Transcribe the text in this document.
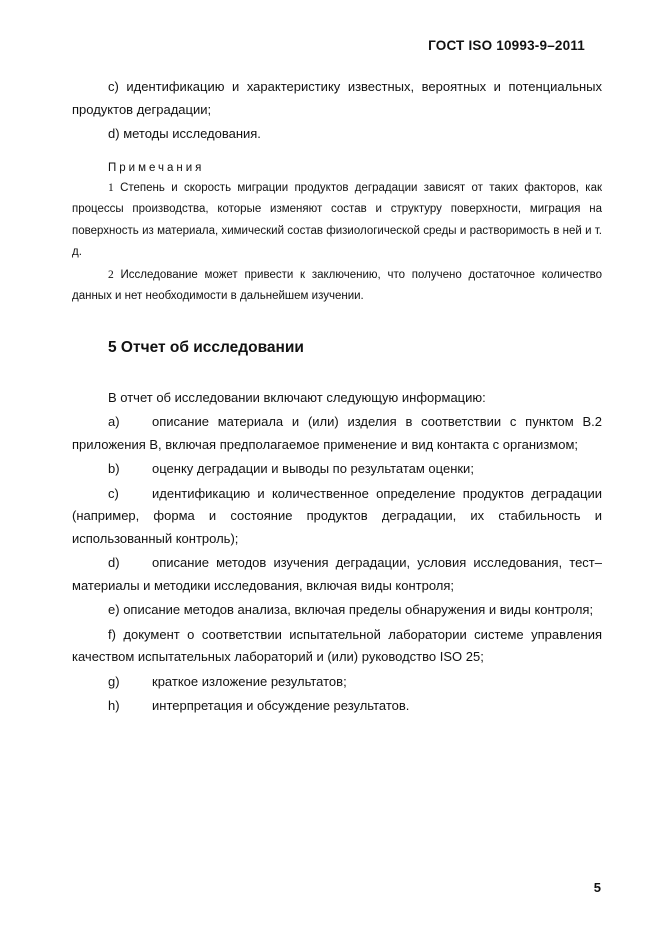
ГОСТ ISO 10993-9–2011

c) идентификацию и характеристику известных, вероятных и потенциальных продуктов деградации;

d) методы исследования.

Примечания

1 Степень и скорость миграции продуктов деградации зависят от таких факторов, как процессы производства, которые изменяют состав и структуру поверхности, миграция на поверхность из материала, химический состав физиологической среды и растворимость в ней и т. д.

2 Исследование может привести к заключению, что получено достаточное количество данных и нет необходимости в дальнейшем изучении.

5 Отчет об исследовании

В отчет об исследовании включают следующую информацию:

a) описание материала и (или) изделия в соответствии с пунктом В.2 приложения В, включая предполагаемое применение и вид контакта с организмом;

b) оценку деградации и выводы по результатам оценки;

c)	идентификацию и количественное определение продуктов деградации (например, форма и состояние продуктов деградации, их стабильность и использованный контроль);

d) описание методов изучения деградации, условия исследования, тест–материалы и методики исследования, включая виды контроля;

e) описание методов анализа, включая пределы обнаружения и виды контроля;

f) документ о соответствии испытательной лаборатории системе управления качеством испытательных лабораторий и (или) руководство ISO 25;

g) краткое изложение результатов;

h) интерпретация и обсуждение результатов.

5
